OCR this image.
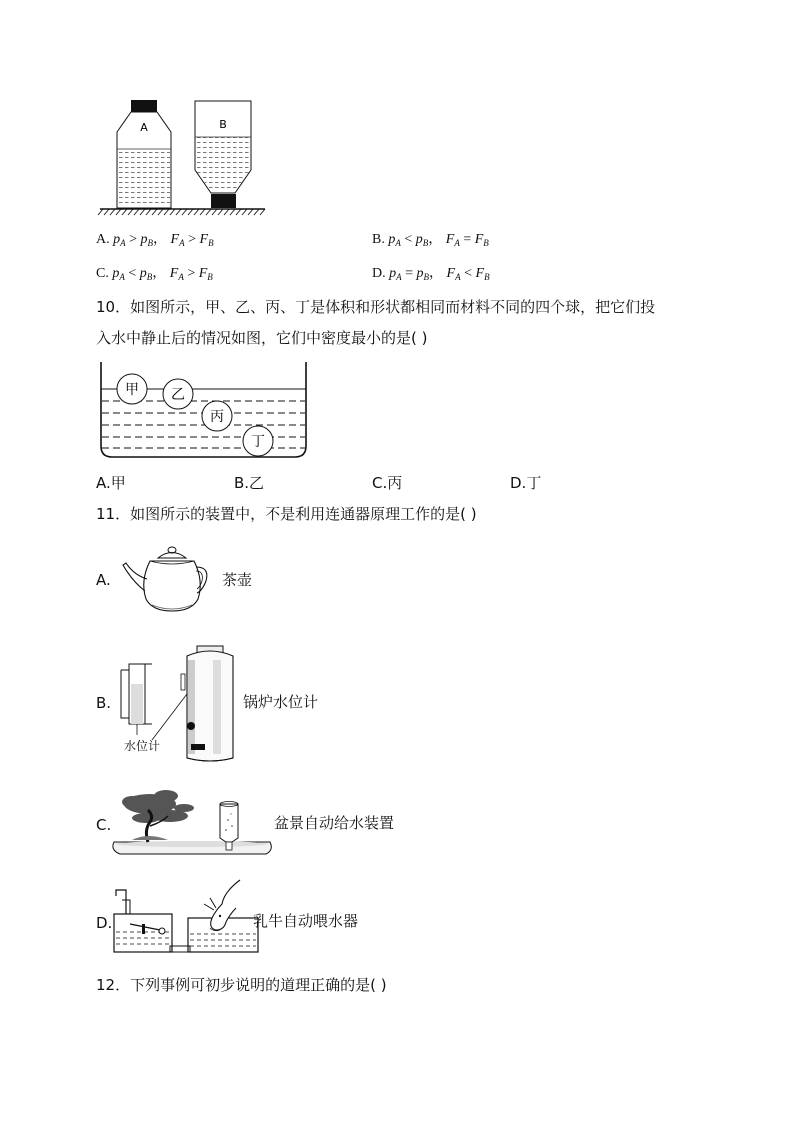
A	B
A. $p_A > p_B$， $F_A > F_B$	B. $p_A < p_B$， $F_A = F_B$
C. $p_A < p_B$， $F_A > F_B$	D. $p_A = p_B$， $F_A < F_B$
10．如图所示，甲、乙、丙、丁是体积和形状都相同而材料不同的四个球，把它们投
入水中静止后的情况如图，它们中密度最小的是( )
甲 乙
丙
丁
A.甲	B.乙	C.丙	D.丁
11．如图所示的装置中，不是利用连通器原理工作的是( )
A.	茶壶
B.
水位计
锅炉水位计
C.	盆景自动给水装置
D.	乳牛自动喂水器
12．下列事例可初步说明的道理正确的是( )
